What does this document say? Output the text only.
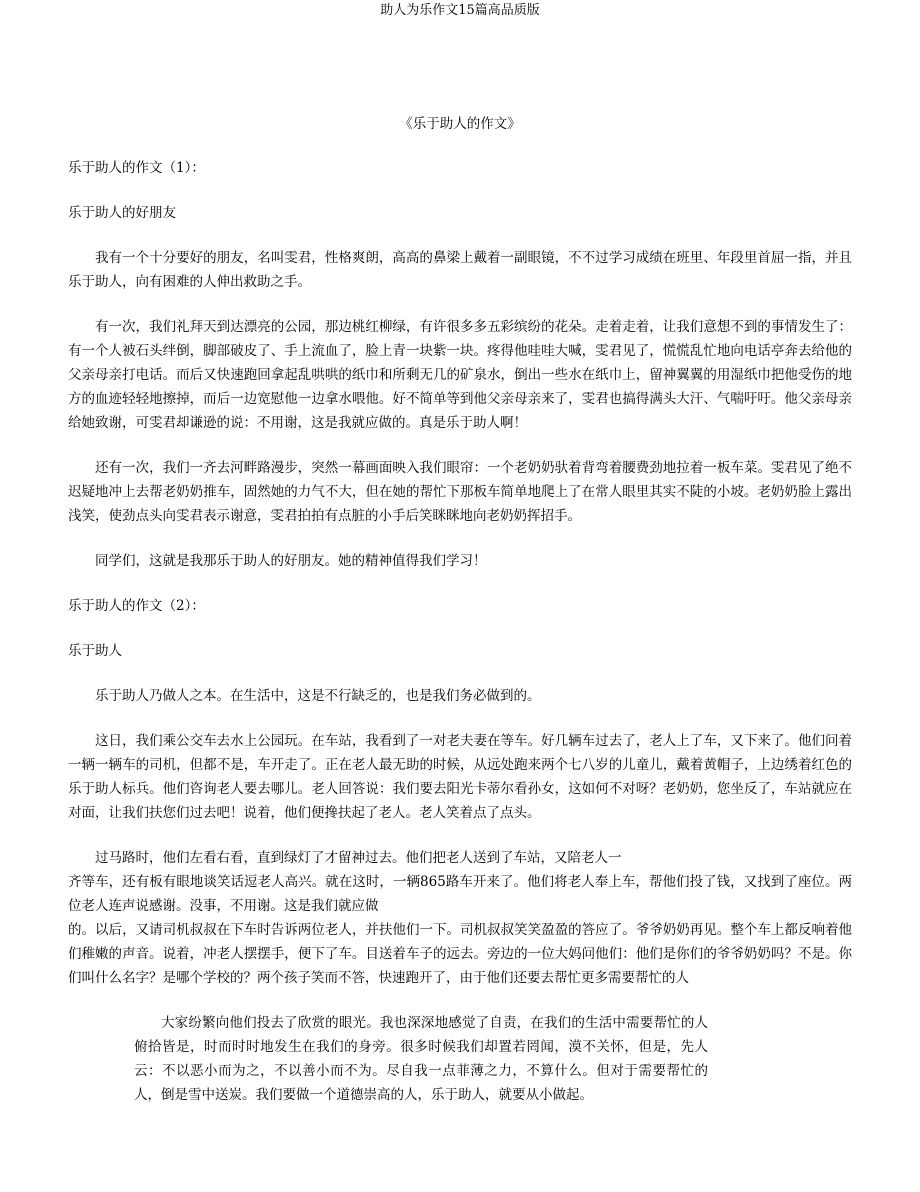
助人为乐作文15篇高品质版
《乐于助人的作文》
乐于助人的作文（1）：
乐于助人的好朋友

我有一个十分要好的朋友，名叫雯君，性格爽朗，高高的鼻梁上戴着一副眼镜，不不过学习成绩在班里、年段里首屈一指，并且乐于助人，向有困难的人伸出救助之手。

有一次，我们礼拜天到达漂亮的公园，那边桃红柳绿，有许很多多五彩缤纷的花朵。走着走着，让我们意想不到的事情发生了：有一个人被石头绊倒，脚部破皮了、手上流血了，脸上青一块紫一块。疼得他哇哇大喊，雯君见了，慌慌乱忙地向电话亭奔去给他的父亲母亲打电话。而后又快速跑回拿起乱哄哄的纸巾和所剩无几的矿泉水，倒出一些水在纸巾上，留神翼翼的用湿纸巾把他受伤的地方的血迹轻轻地擦掉，而后一边宽慰他一边拿水喂他。好不简单等到他父亲母亲来了，雯君也搞得满头大汗、气喘吁吁。他父亲母亲给她致谢，可雯君却谦逊的说：不用谢，这是我就应做的。真是乐于助人啊！

还有一次，我们一齐去河畔路漫步，突然一幕画面映入我们眼帘：一个老奶奶驮着背弯着腰费劲地拉着一板车菜。雯君见了绝不迟疑地冲上去帮老奶奶推车，固然她的力气不大，但在她的帮忙下那板车简单地爬上了在常人眼里其实不陡的小坡。老奶奶脸上露出浅笑，使劲点头向雯君表示谢意，雯君拍拍有点脏的小手后笑眯眯地向老奶奶挥招手。

同学们，这就是我那乐于助人的好朋友。她的精神值得我们学习！

乐于助人的作文（2）：
乐于助人

乐于助人乃做人之本。在生活中，这是不行缺乏的，也是我们务必做到的。

这日，我们乘公交车去水上公园玩。在车站，我看到了一对老夫妻在等车。好几辆车过去了，老人上了车，又下来了。他们问着一辆一辆车的司机，但都不是，车开走了。正在老人最无助的时候，从远处跑来两个七八岁的儿童儿，戴着黄帽子，上边绣着红色的乐于助人标兵。他们咨询老人要去哪儿。老人回答说：我们要去阳光卡蒂尔看孙女，这如何不对呀？老奶奶，您坐反了，车站就应在对面，让我们扶您们过去吧！说着，他们便搀扶起了老人。老人笑着点了点头。

过马路时，他们左看右看，直到绿灯了才留神过去。他们把老人送到了车站，又陪老人一

齐等车，还有板有眼地谈笑话逗老人高兴。就在这时，一辆865路车开来了。他们将老人奉上车，帮他们投了钱，又找到了座位。两位老人连声说感谢。没事，不用谢。这是我们就应做

的。以后，又请司机叔叔在下车时告诉两位老人，并扶他们一下。司机叔叔笑笑盈盈的答应了。爷爷奶奶再见。整个车上都反响着他们稚嫩的声音。说着，冲老人摆摆手，便下了车。目送着车子的远去。旁边的一位大妈问他们：他们是你们的爷爷奶奶吗？不是。你们叫什么名字？是哪个学校的？两个孩子笑而不答，快速跑开了，由于他们还要去帮忙更多需要帮忙的人

大家纷繁向他们投去了欣赏的眼光。我也深深地感觉了自责，在我们的生活中需要帮忙的人俯拾皆是，时而时时地发生在我们的身旁。很多时候我们却置若罔闻，漠不关怀，但是，先人云：不以恶小而为之，不以善小而不为。尽自我一点菲薄之力，不算什么。但对于需要帮忙的人，倒是雪中送炭。我们要做一个道德崇高的人，乐于助人，就要从小做起。
